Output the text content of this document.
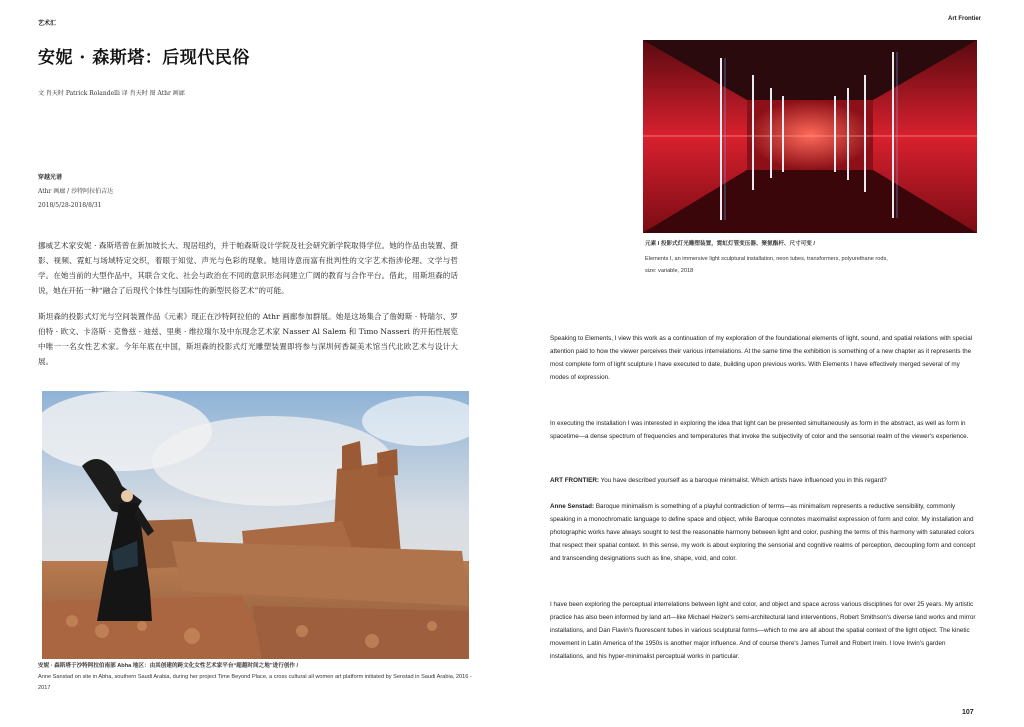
艺术汇
Art Frontier
安妮 · 森斯塔：后现代民俗
文 肖天时 Patrick Rolandelli 译 肖天时 图 Athr 画廊
穿越光谱
Athr 画廊 / 沙特阿拉伯吉达
2018/5/28-2018/8/31

挪威艺术家安妮 · 森斯塔曾在新加坡长大、现居纽约，并于帕森斯设计学院及社会研究新学院取得学位。她的作品由装置、摄影、视频、霓虹与场域特定交织，着眼于知觉、声光与色彩的现象。她用诗意而富有批判性的文字艺术指涉伦理、文学与哲学。在她当前的大型作品中，其联合文化、社会与政治在不同的意识形态间建立广阔的教育与合作平台。借此，用斯坦森的话说，她在开拓一种“融合了后现代个体性与国际性的新型民俗艺术”的可能。

斯坦森的投影式灯光与空间装置作品《元素》现正在沙特阿拉伯的 Athr 画廊参加群展。她是这场集合了詹姆斯 · 特瑞尔、罗伯特 · 欧文、卡洛斯 · 克鲁兹 · 迪兹、里奥 · 维拉瑞尔及中东现念艺术家 Nasser Al Salem 和 Timo Nasseri 的开拓性展览中唯一一名女性艺术家。今年年底在中国，斯坦森的投影式灯光雕塑装置即将参与深圳何香凝美术馆当代北欧艺术与设计大展。

安妮 · 森斯塔于沙特阿拉伯南部 Abha 地区：由其创建的跨文化女性艺术家平台“超越时间之地”进行创作 /
Anne Sanstad on site in Abha, southern Saudi Arabia, during her project Time Beyond Place, a cross cultural all women art platform initiated by Senstad in Saudi Arabia, 2016 - 2017
元素 I 投影式灯光雕塑装置，霓虹灯管变压器、聚氨酯杆、尺寸可变 /
Elements I, an immersive light sculptural installation, neon tubes, transformers, polyurethane rods,
size: variable, 2018

Speaking to Elements, I view this work as a continuation of my exploration of the foundational elements of light, sound, and spatial relations with special attention paid to how the viewer perceives their various interrelations. At the same time the exhibition is something of a new chapter as it represents the most complete form of light sculpture I have executed to date, building upon previous works. With Elements I have effectively merged several of my modes of expression.

In executing the installation I was interested in exploring the idea that light can be presented simultaneously as form in the abstract, as well as form in spacetime—a dense spectrum of frequencies and temperatures that invoke the subjectivity of color and the sensorial realm of the viewer's experience.

ART FRONTIER: You have described yourself as a baroque minimalist. Which artists have influenced you in this regard?

Anne Senstad: Baroque minimalism is something of a playful contradiction of terms—as minimalism represents a reductive sensibility, commonly speaking in a monochromatic language to define space and object, while Baroque connotes maximalist expression of form and color. My installation and photographic works have always sought to test the reasonable harmony between light and color, pushing the terms of this harmony with saturated colors that respect their spatial context. In this sense, my work is about exploring the sensorial and cognitive realms of perception, decoupling form and concept and transcending designations such as line, shape, void, and color.

I have been exploring the perceptual interrelations between light and color, and object and space across various disciplines for over 25 years. My artistic practice has also been informed by land art—like Michael Heizer's semi-architectural land interventions, Robert Smithson's diverse land works and mirror installations, and Dan Flavin's fluorescent tubes in various sculptural forms—which to me are all about the spatial context of the light object. The kinetic movement in Latin America of the 1950s is another major influence. And of course there's James Turrell and Robert Irwin. I love Irwin's garden installations, and his hyper-minimalist perceptual works in particular.

107
